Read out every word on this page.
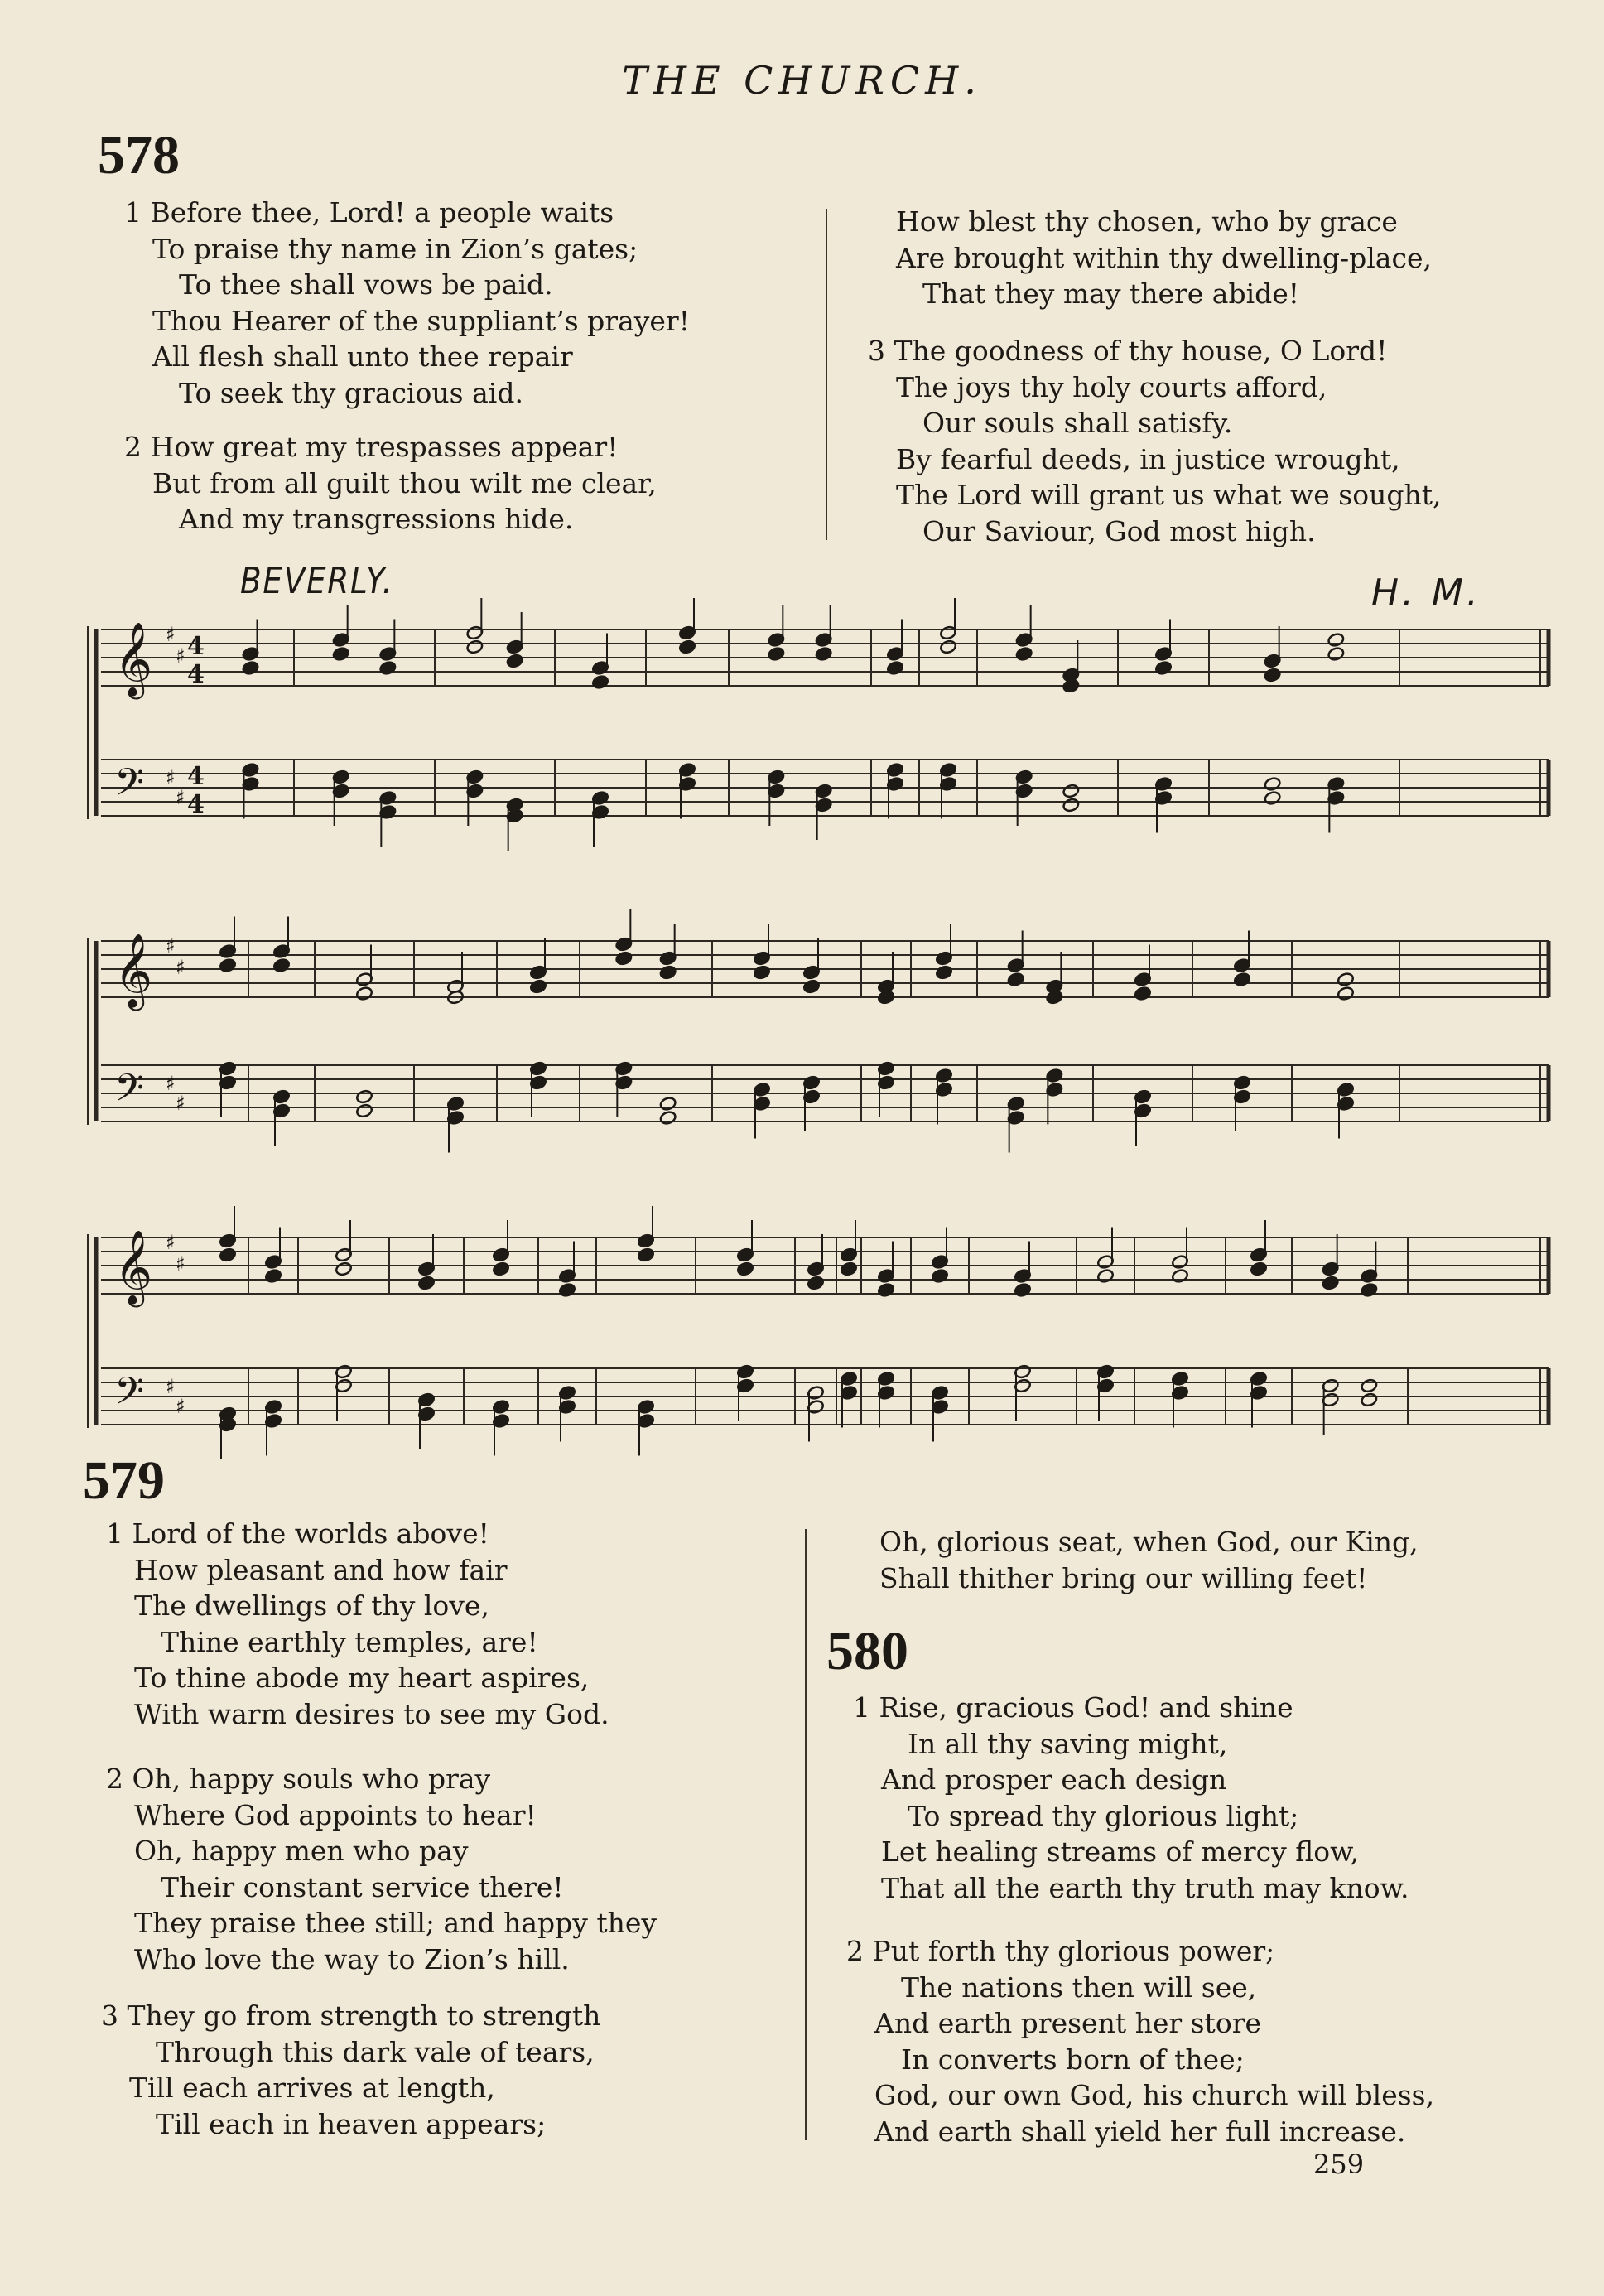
THE CHURCH.
578
1 Before thee, Lord! a people waits
To praise thy name in Zion’s gates;
To thee shall vows be paid.
Thou Hearer of the suppliant’s prayer!
All flesh shall unto thee repair
To seek thy gracious aid.
2 How great my trespasses appear!
But from all guilt thou wilt me clear,
And my transgressions hide.
How blest thy chosen, who by grace
Are brought within thy dwelling-place,
That they may there abide!
3 The goodness of thy house, O Lord!
The joys thy holy courts afford,
Our souls shall satisfy.
By fearful deeds, in justice wrought,
The Lord will grant us what we sought,
Our Saviour, God most high.
BEVERLY.	H. M.
𝄞 ♯
♯
𝄢 ♯
♯
𝄞 ♯
♯
𝄢 ♯
♯
𝄞 ♯
♯
𝄢 ♯
♯
4
4
4
4
579
1 Lord of the worlds above!
How pleasant and how fair
The dwellings of thy love,
Thine earthly temples, are!
To thine abode my heart aspires,
With warm desires to see my God.
2 Oh, happy souls who pray
Where God appoints to hear!
Oh, happy men who pay
Their constant service there!
They praise thee still; and happy they
Who love the way to Zion’s hill.
3 They go from strength to strength
Through this dark vale of tears,
Till each arrives at length,
Till each in heaven appears;
Oh, glorious seat, when God, our King,
Shall thither bring our willing feet!
580
1 Rise, gracious God! and shine
In all thy saving might,
And prosper each design
To spread thy glorious light;
Let healing streams of mercy flow,
That all the earth thy truth may know.
2 Put forth thy glorious power;
The nations then will see,
And earth present her store
In converts born of thee;
God, our own God, his church will bless,
And earth shall yield her full increase.
259
